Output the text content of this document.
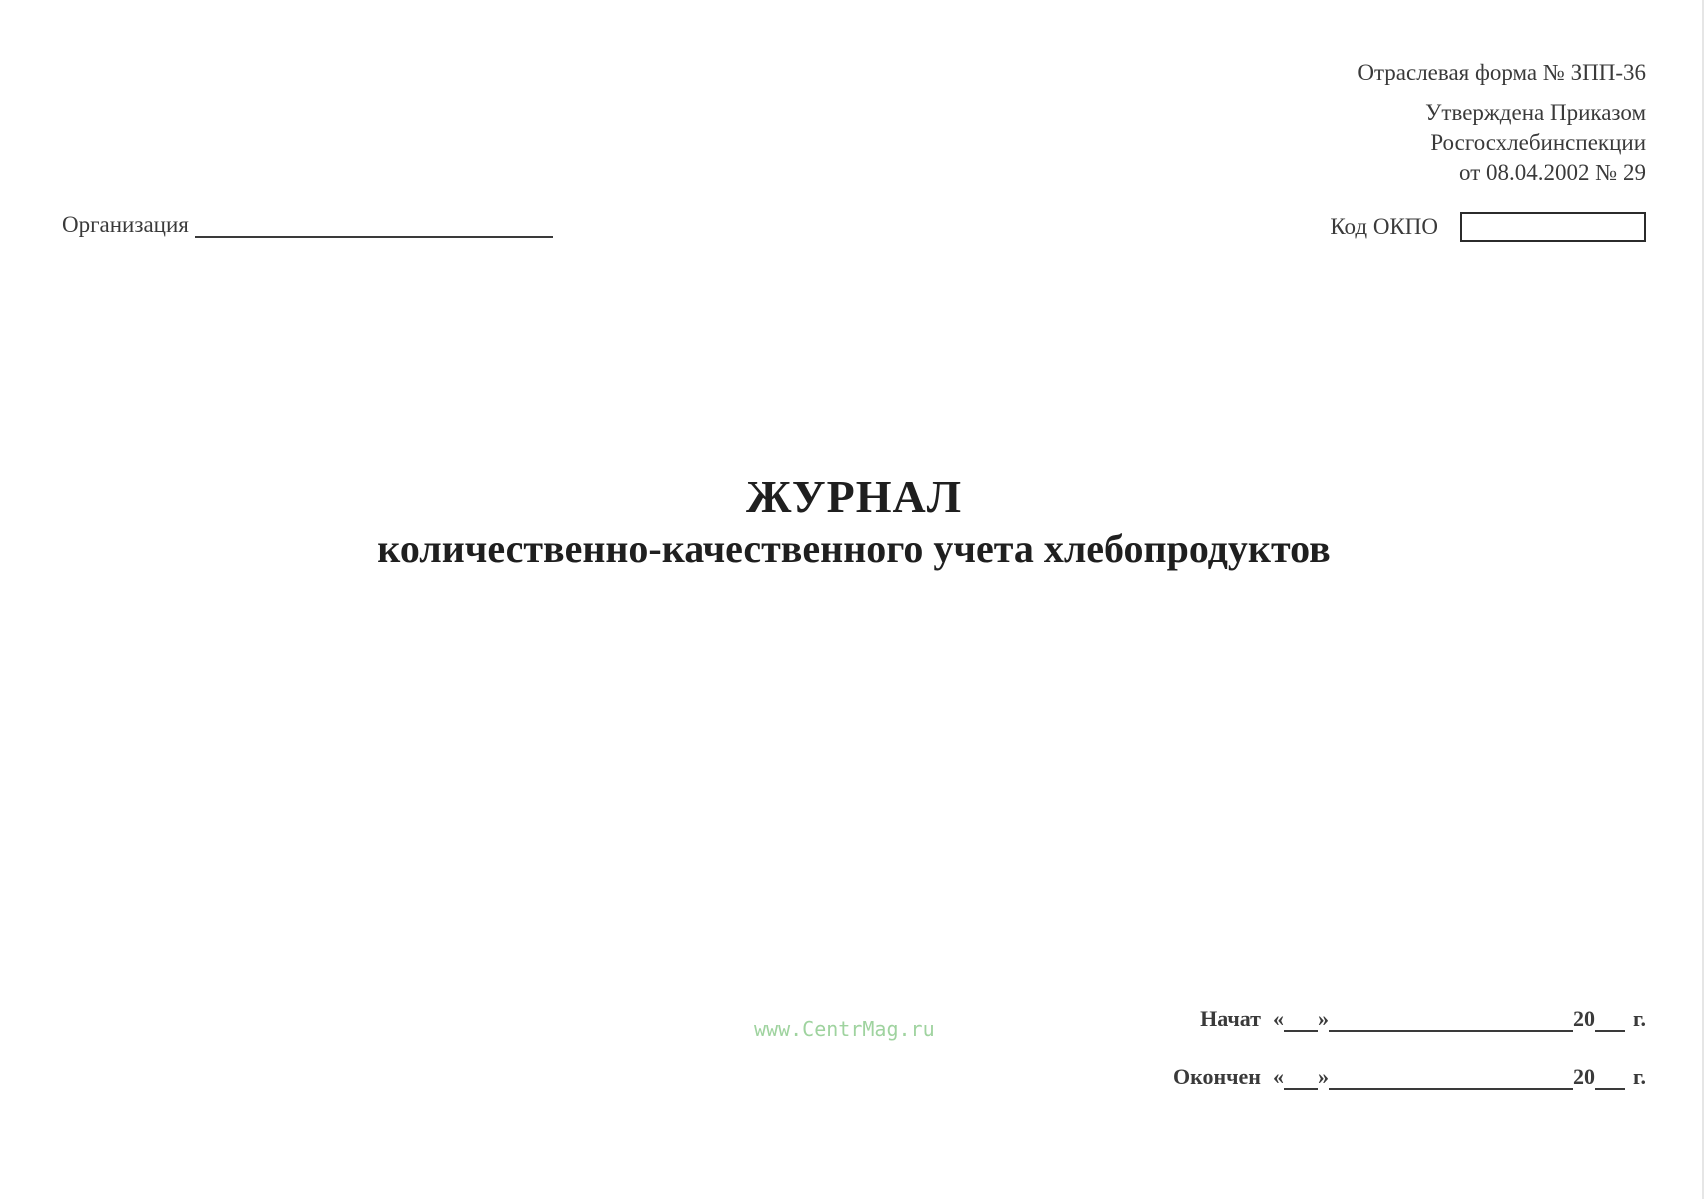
Отраслевая форма № ЗПП-36
Утверждена Приказом
Росгосхлебинспекции
от 08.04.2002 № 29
Организация	Код ОКПО
ЖУРНАЛ
количественно-качественного учета хлебопродуктов
www.CentrMag.ru	Начат « »	20 г.
Окончен « »	20 г.
